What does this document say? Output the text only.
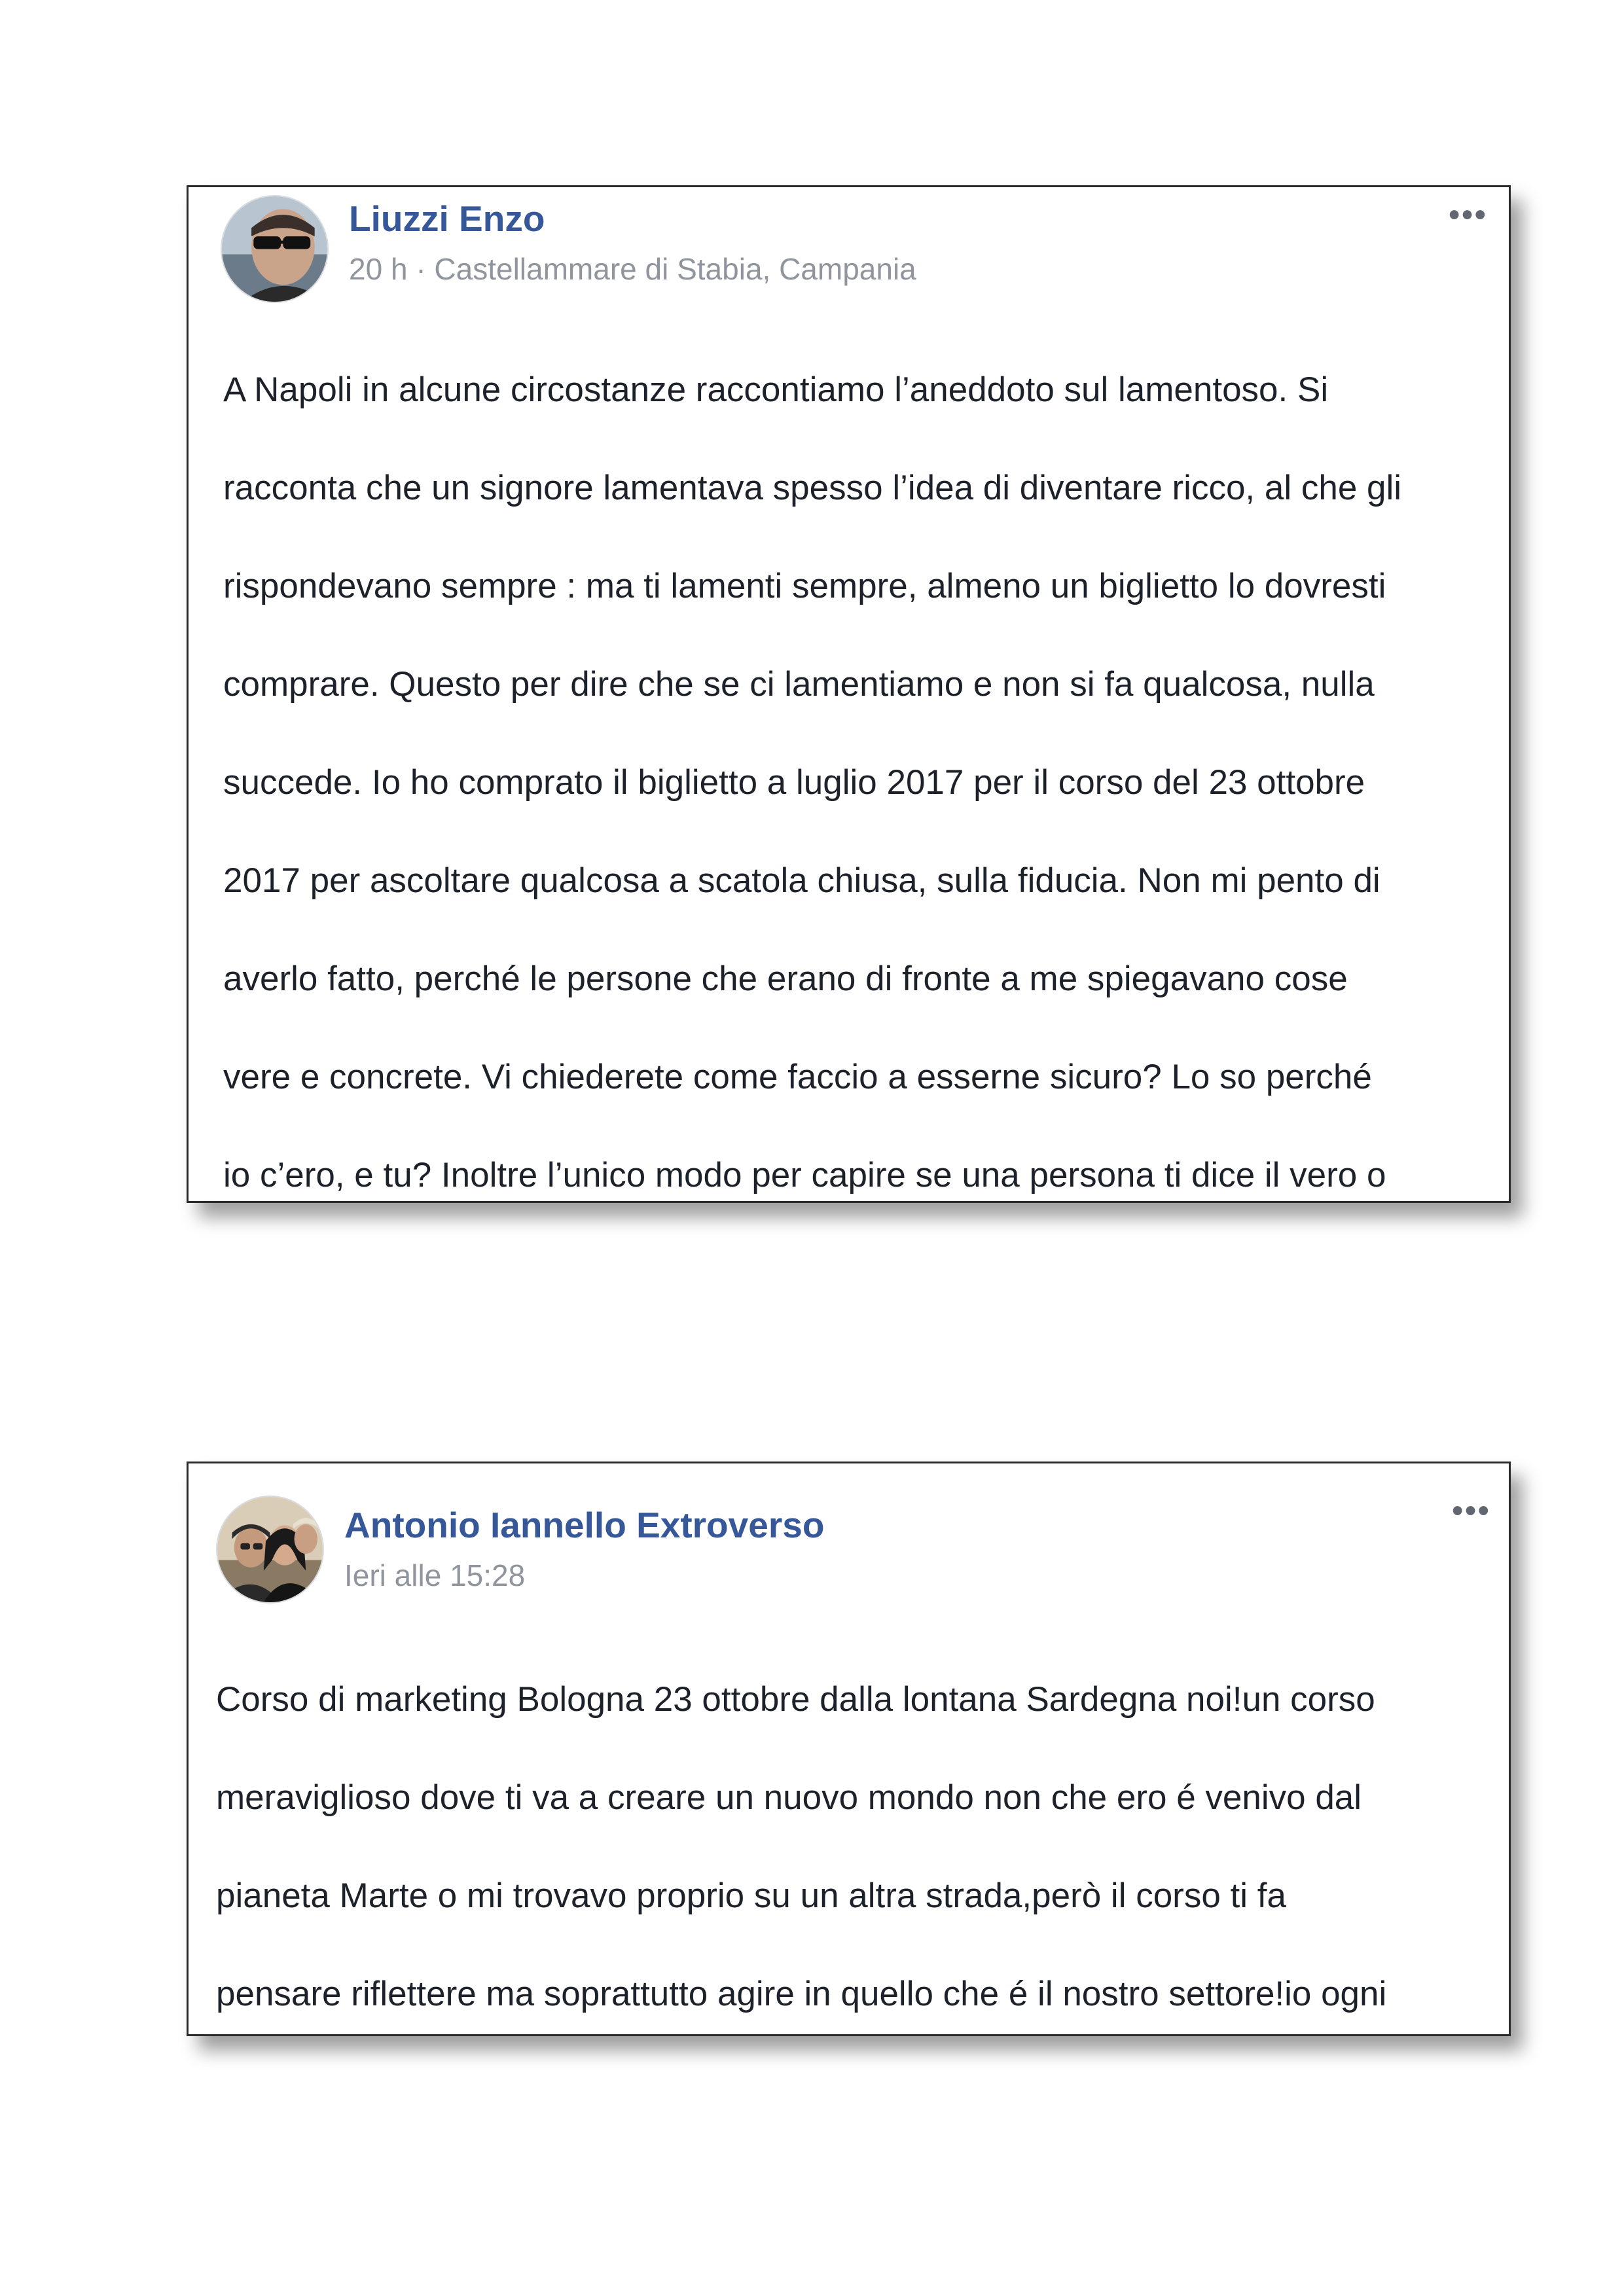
Liuzzi Enzo
20 h · Castellammare di Stabia, Campania
•••

A Napoli in alcune circostanze raccontiamo l’aneddoto sul lamentoso. Si

racconta che un signore lamentava spesso l’idea di diventare ricco, al che gli

rispondevano sempre : ma ti lamenti sempre, almeno un biglietto lo dovresti

comprare. Questo per dire che se ci lamentiamo e non si fa qualcosa, nulla

succede. Io ho comprato il biglietto a luglio 2017 per il corso del 23 ottobre

2017 per ascoltare qualcosa a scatola chiusa, sulla fiducia. Non mi pento di

averlo fatto, perché le persone che erano di fronte a me spiegavano cose

vere e concrete. Vi chiederete come faccio a esserne sicuro? Lo so perché

io c’ero, e tu? Inoltre l’unico modo per capire se una persona ti dice il vero o

Antonio Iannello Extroverso
Ieri alle 15:28
•••

Corso di marketing Bologna 23 ottobre dalla lontana Sardegna noi!un corso

meraviglioso dove ti va a creare un nuovo mondo non che ero é venivo dal

pianeta Marte o mi trovavo proprio su un altra strada,però il corso ti fa

pensare riflettere ma soprattutto agire in quello che é il nostro settore!io ogni
